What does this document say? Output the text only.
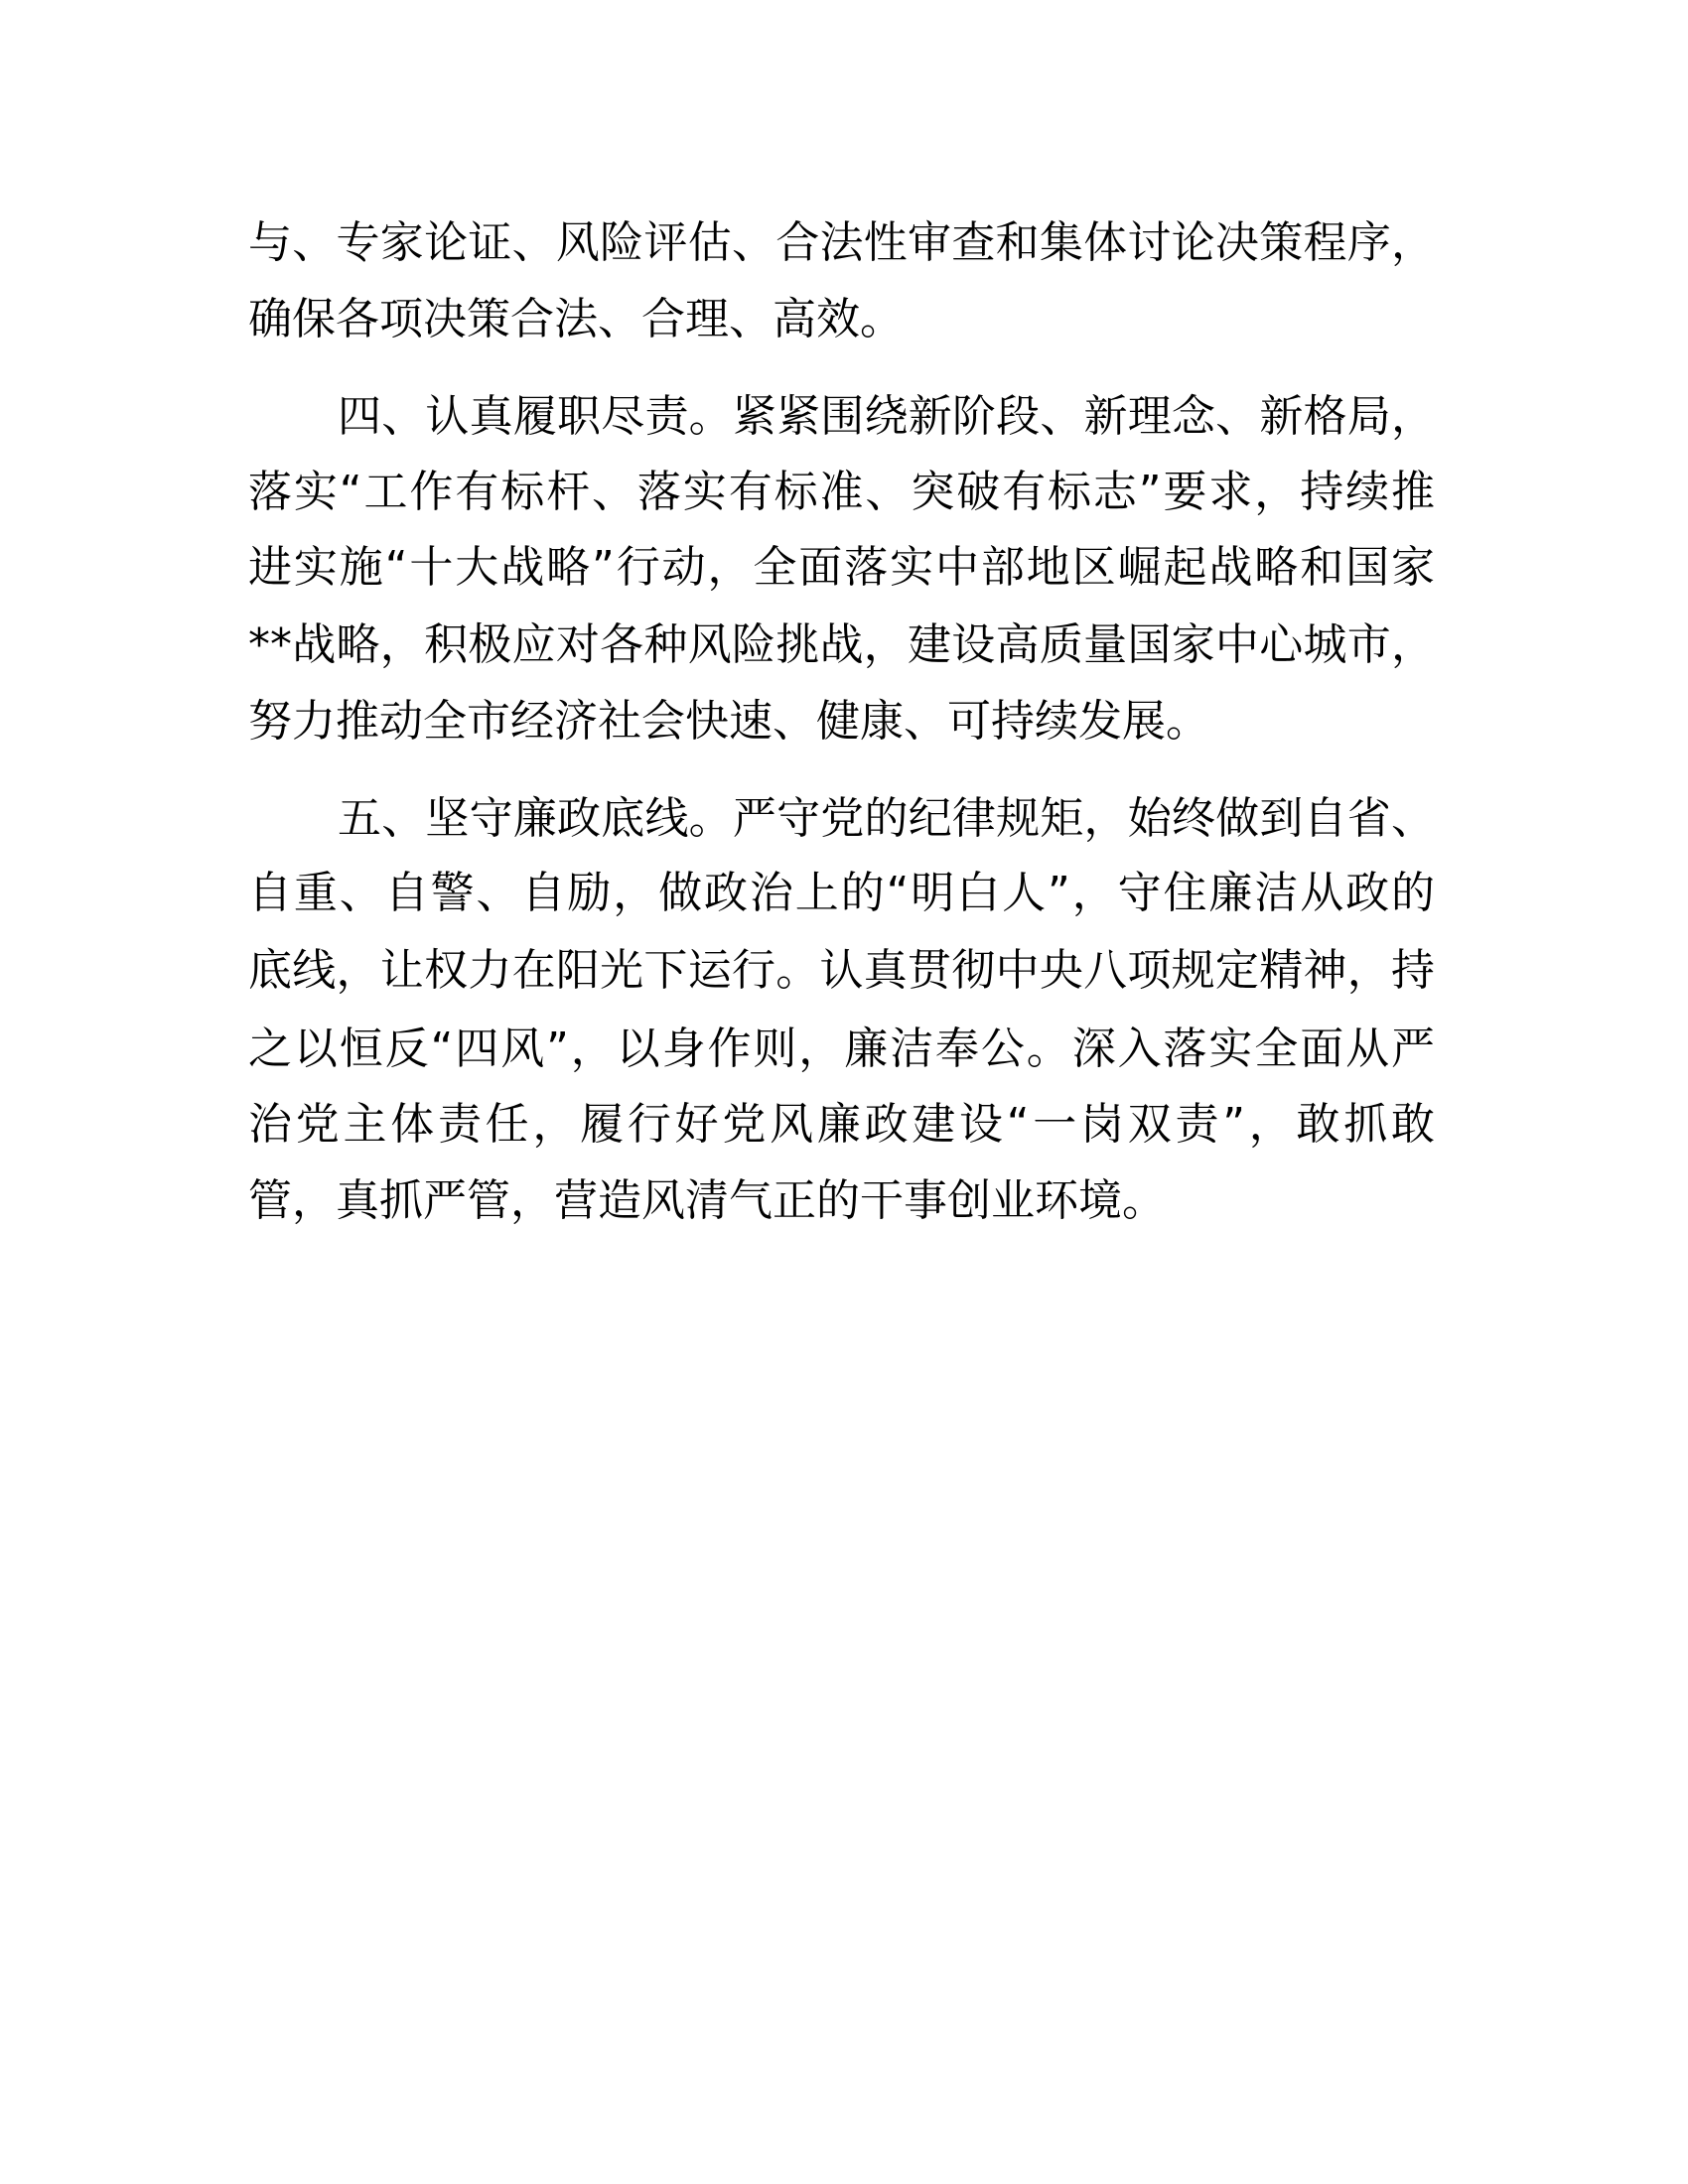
与、专家论证、风险评估、合法性审查和集体讨论决策程序，
确保各项决策合法、合理、高效。
四、认真履职尽责。紧紧围绕新阶段、新理念、新格局，
落实“工作有标杆、落实有标准、突破有标志”要求，持续推
进实施“十大战略”行动，全面落实中部地区崛起战略和国家
**战略，积极应对各种风险挑战，建设高质量国家中心城市，
努力推动全市经济社会快速、健康、可持续发展。
五、坚守廉政底线。严守党的纪律规矩，始终做到自省、
自重、自警、自励，做政治上的“明白人”，守住廉洁从政的
底线，让权力在阳光下运行。认真贯彻中央八项规定精神，持
之以恒反“四风”，以身作则，廉洁奉公。深入落实全面从严
治党主体责任，履行好党风廉政建设“一岗双责”，敢抓敢
管，真抓严管，营造风清气正的干事创业环境。
